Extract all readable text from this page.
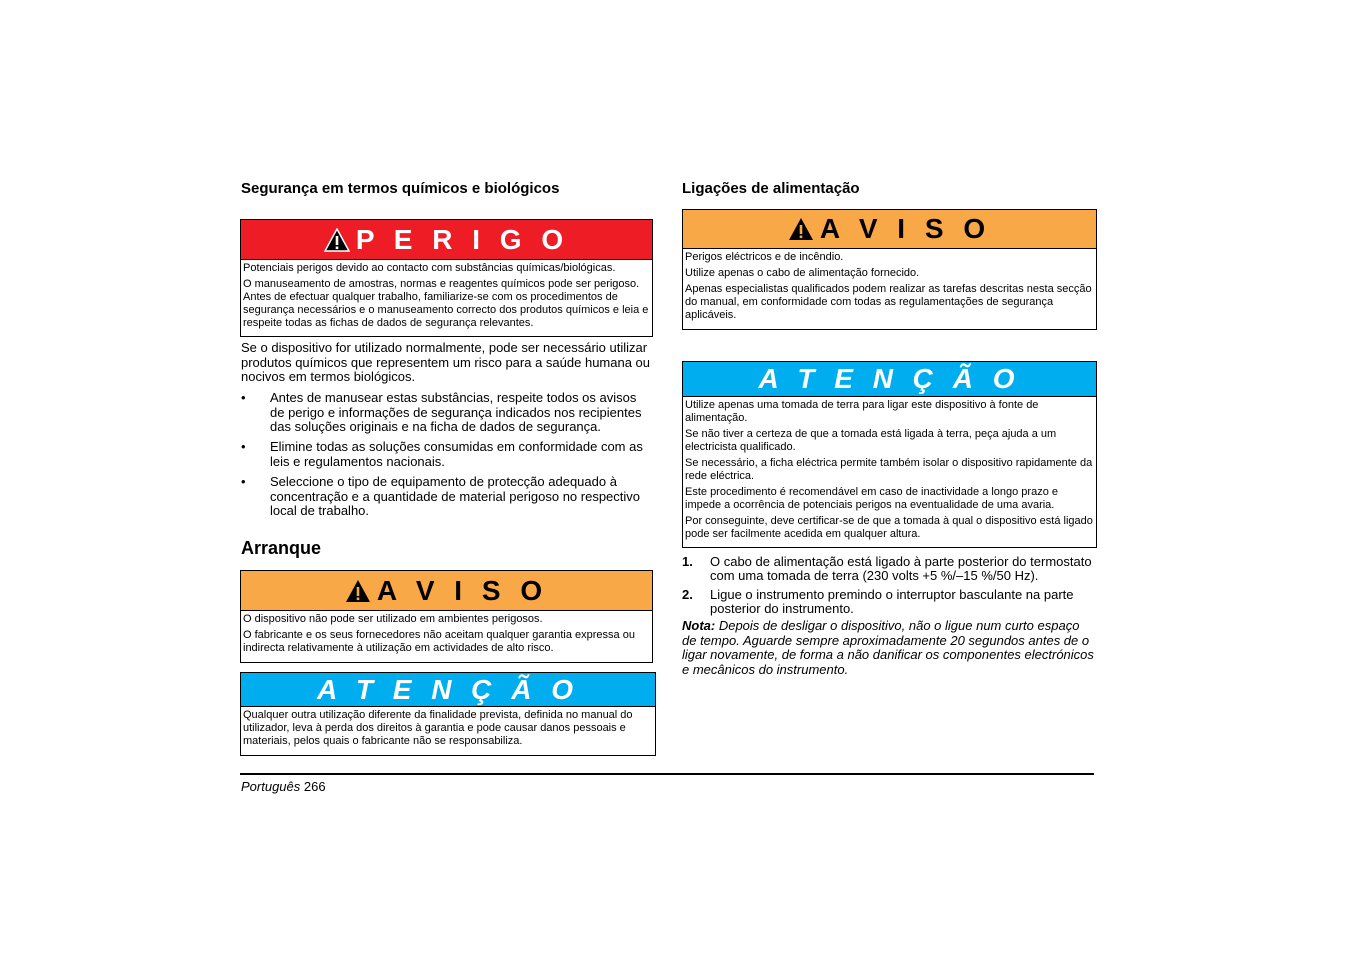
Segurança em termos químicos e biológicos
P E R I G O

Potenciais perigos devido ao contacto com substâncias químicas/biológicas.

O manuseamento de amostras, normas e reagentes químicos pode ser perigoso. Antes de efectuar qualquer trabalho, familiarize-se com os procedimentos de segurança necessários e o manuseamento correcto dos produtos químicos e leia e respeite todas as fichas de dados de segurança relevantes.

Se o dispositivo for utilizado normalmente, pode ser necessário utilizar produtos químicos que representem um risco para a saúde humana ou nocivos em termos biológicos.
• Antes de manusear estas substâncias, respeite todos os avisos de perigo e informações de segurança indicados nos recipientes das soluções originais e na ficha de dados de segurança.
• Elimine todas as soluções consumidas em conformidade com as leis e regulamentos nacionais.
• Seleccione o tipo de equipamento de protecção adequado à concentração e a quantidade de material perigoso no respectivo local de trabalho.
Arranque
A V I S O

O dispositivo não pode ser utilizado em ambientes perigosos.

O fabricante e os seus fornecedores não aceitam qualquer garantia expressa ou indirecta relativamente à utilização em actividades de alto risco.

A T E N Ç Ã O

Qualquer outra utilização diferente da finalidade prevista, definida no manual do utilizador, leva à perda dos direitos à garantia e pode causar danos pessoais e materiais, pelos quais o fabricante não se responsabiliza.

Ligações de alimentação
A V I S O

Perigos eléctricos e de incêndio.

Utilize apenas o cabo de alimentação fornecido.

Apenas especialistas qualificados podem realizar as tarefas descritas nesta secção do manual, em conformidade com todas as regulamentações de segurança aplicáveis.

A T E N Ç Ã O

Utilize apenas uma tomada de terra para ligar este dispositivo à fonte de alimentação.

Se não tiver a certeza de que a tomada está ligada à terra, peça ajuda a um electricista qualificado.

Se necessário, a ficha eléctrica permite também isolar o dispositivo rapidamente da rede eléctrica.

Este procedimento é recomendável em caso de inactividade a longo prazo e impede a ocorrência de potenciais perigos na eventualidade de uma avaria.

Por conseguinte, deve certificar-se de que a tomada à qual o dispositivo está ligado pode ser facilmente acedida em qualquer altura.

1. O cabo de alimentação está ligado à parte posterior do termostato com uma tomada de terra (230 volts +5 %/–15 %/50 Hz).
2. Ligue o instrumento premindo o interruptor basculante na parte posterior do instrumento.
Nota: Depois de desligar o dispositivo, não o ligue num curto espaço de tempo. Aguarde sempre aproximadamente 20 segundos antes de o ligar novamente, de forma a não danificar os componentes electrónicos e mecânicos do instrumento.
Português 266
